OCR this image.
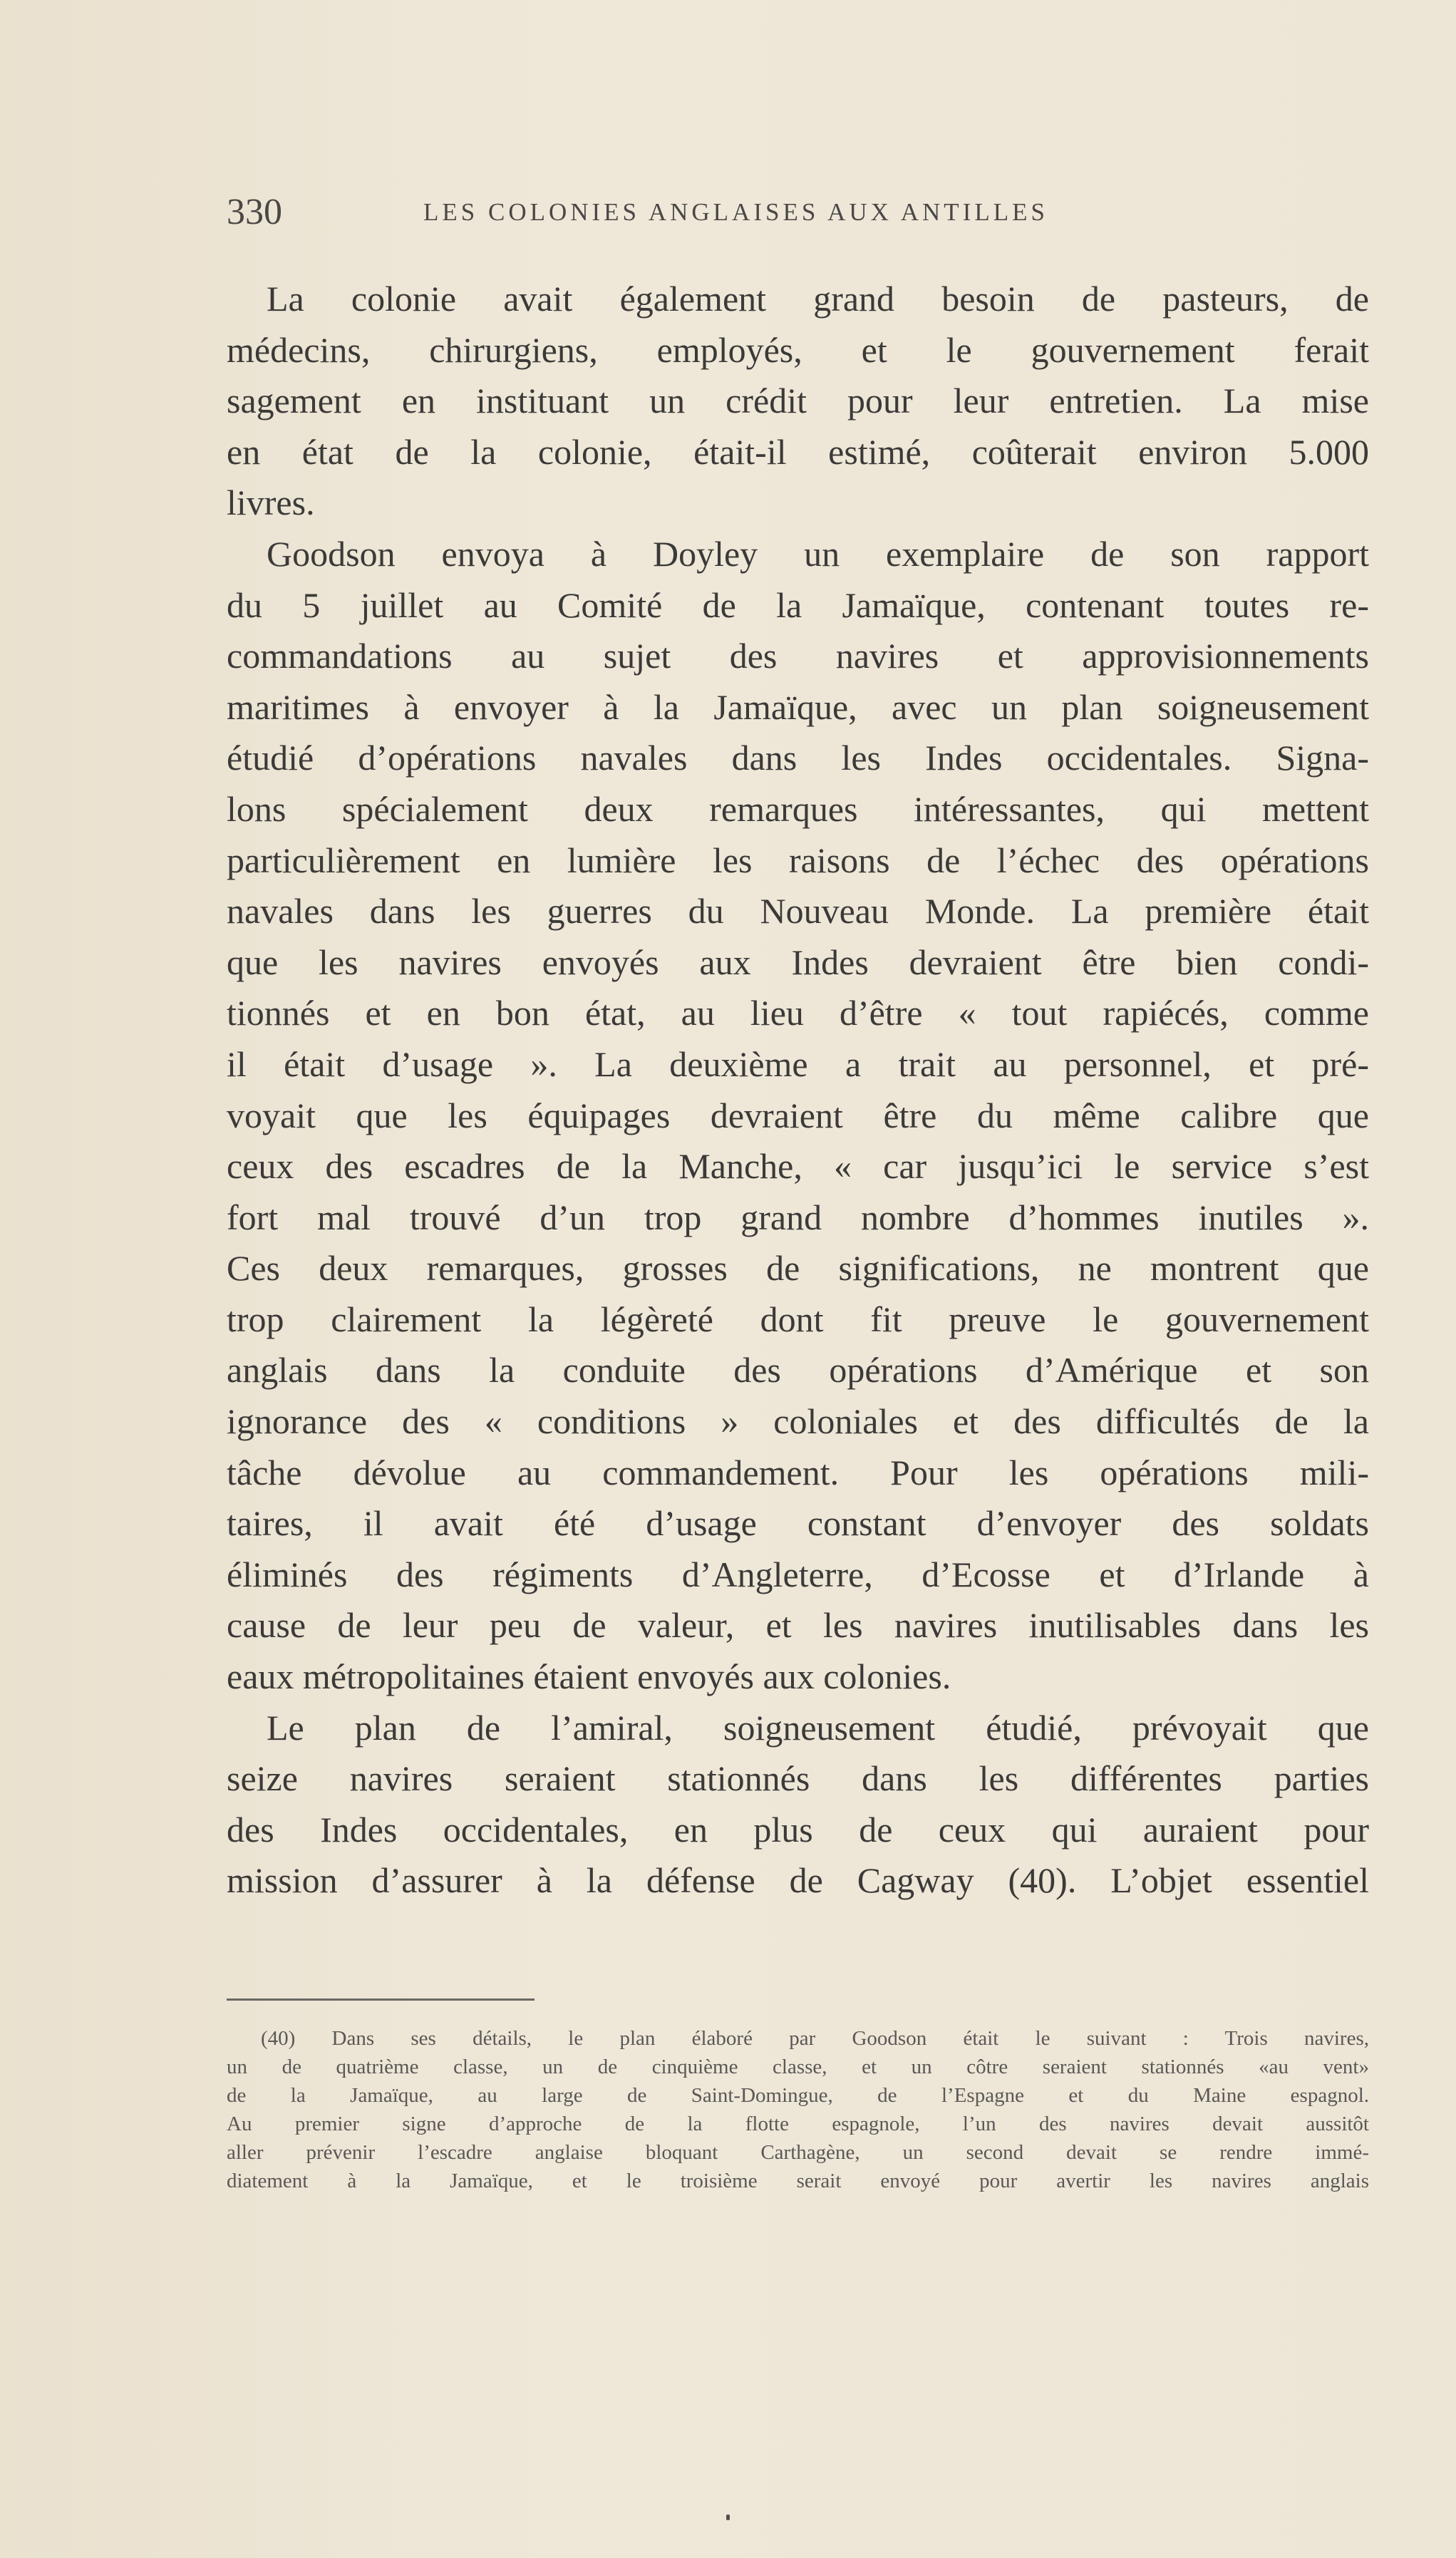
330	LES COLONIES ANGLAISES AUX ANTILLES
La colonie avait également grand besoin de pasteurs, de
médecins, chirurgiens, employés, et le gouvernement ferait
sagement en instituant un crédit pour leur entretien. La mise
en état de la colonie, était-il estimé, coûterait environ 5.000
livres.
Goodson envoya à Doyley un exemplaire de son rapport
du 5 juillet au Comité de la Jamaïque, contenant toutes re-
commandations au sujet des navires et approvisionnements
maritimes à envoyer à la Jamaïque, avec un plan soigneusement
étudié d’opérations navales dans les Indes occidentales. Signa-
lons spécialement deux remarques intéressantes, qui mettent
particulièrement en lumière les raisons de l’échec des opérations
navales dans les guerres du Nouveau Monde. La première était
que les navires envoyés aux Indes devraient être bien condi-
tionnés et en bon état, au lieu d’être « tout rapiécés, comme
il était d’usage ». La deuxième a trait au personnel, et pré-
voyait que les équipages devraient être du même calibre que
ceux des escadres de la Manche, « car jusqu’ici le service s’est
fort mal trouvé d’un trop grand nombre d’hommes inutiles ».
Ces deux remarques, grosses de significations, ne montrent que
trop clairement la légèreté dont fit preuve le gouvernement
anglais dans la conduite des opérations d’Amérique et son
ignorance des « conditions » coloniales et des difficultés de la
tâche dévolue au commandement. Pour les opérations mili-
taires, il avait été d’usage constant d’envoyer des soldats
éliminés des régiments d’Angleterre, d’Ecosse et d’Irlande à
cause de leur peu de valeur, et les navires inutilisables dans les
eaux métropolitaines étaient envoyés aux colonies.
Le plan de l’amiral, soigneusement étudié, prévoyait que
seize navires seraient stationnés dans les différentes parties
des Indes occidentales, en plus de ceux qui auraient pour
mission d’assurer à la défense de Cagway (40). L’objet essentiel
(40) Dans ses détails, le plan élaboré par Goodson était le suivant : Trois navires,
un de quatrième classe, un de cinquième classe, et un côtre seraient stationnés «au vent»
de la Jamaïque, au large de Saint-Domingue, de l’Espagne et du Maine espagnol.
Au premier signe d’approche de la flotte espagnole, l’un des navires devait aussitôt
aller prévenir l’escadre anglaise bloquant Carthagène, un second devait se rendre immé-
diatement à la Jamaïque, et le troisième serait envoyé pour avertir les navires anglais
